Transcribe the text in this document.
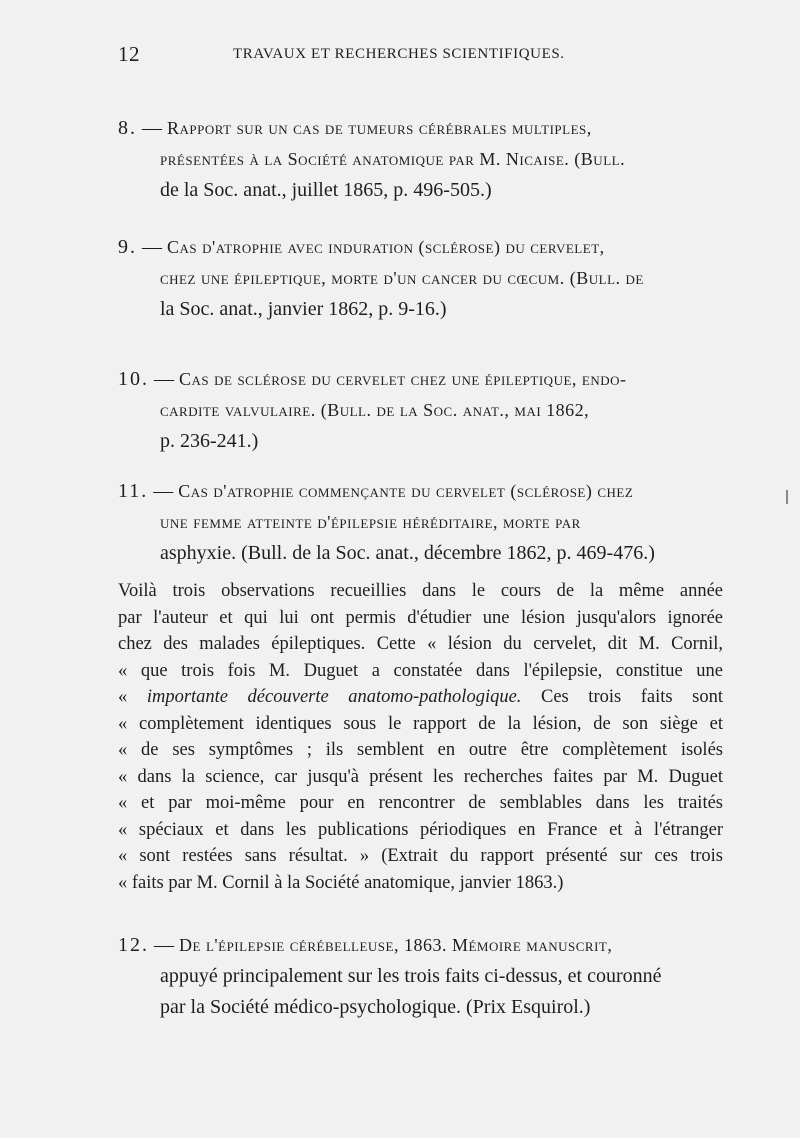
12	TRAVAUX ET RECHERCHES SCIENTIFIQUES.
8. — Rapport sur un cas de tumeurs cérébrales multiples,

présentées à la Société anatomique par M. Nicaise. (Bull.
de la Soc. anat., juillet 1865, p. 496-505.)
9. — Cas d'atrophie avec induration (sclérose) du cervelet,

chez une épileptique, morte d'un cancer du cœcum. (Bull. de
la Soc. anat., janvier 1862, p. 9-16.)
10. — Cas de sclérose du cervelet chez une épileptique, endo-

cardite valvulaire. (Bull. de la Soc. anat., mai 1862,
p. 236-241.)
11. — Cas d'atrophie commençante du cervelet (sclérose) chez

une femme atteinte d'épilepsie héréditaire, morte par
asphyxie. (Bull. de la Soc. anat., décembre 1862, p. 469-476.)
Voilà trois observations recueillies dans le cours de la même année
par l'auteur et qui lui ont permis d'étudier une lésion jusqu'alors ignorée
chez des malades épileptiques. Cette « lésion du cervelet, dit M. Cornil,
« que trois fois M. Duguet a constatée dans l'épilepsie, constitue une
« importante découverte anatomo-pathologique. Ces trois faits sont
« complètement identiques sous le rapport de la lésion, de son siège et
« de ses symptômes ; ils semblent en outre être complètement isolés
« dans la science, car jusqu'à présent les recherches faites par M. Duguet
« et par moi-même pour en rencontrer de semblables dans les traités
« spéciaux et dans les publications périodiques en France et à l'étranger
« sont restées sans résultat. » (Extrait du rapport présenté sur ces trois
« faits par M. Cornil à la Société anatomique, janvier 1863.)
12. — De l'épilepsie cérébelleuse, 1863. Mémoire manuscrit,

appuyé principalement sur les trois faits ci-dessus, et couronné
par la Société médico-psychologique. (Prix Esquirol.)
